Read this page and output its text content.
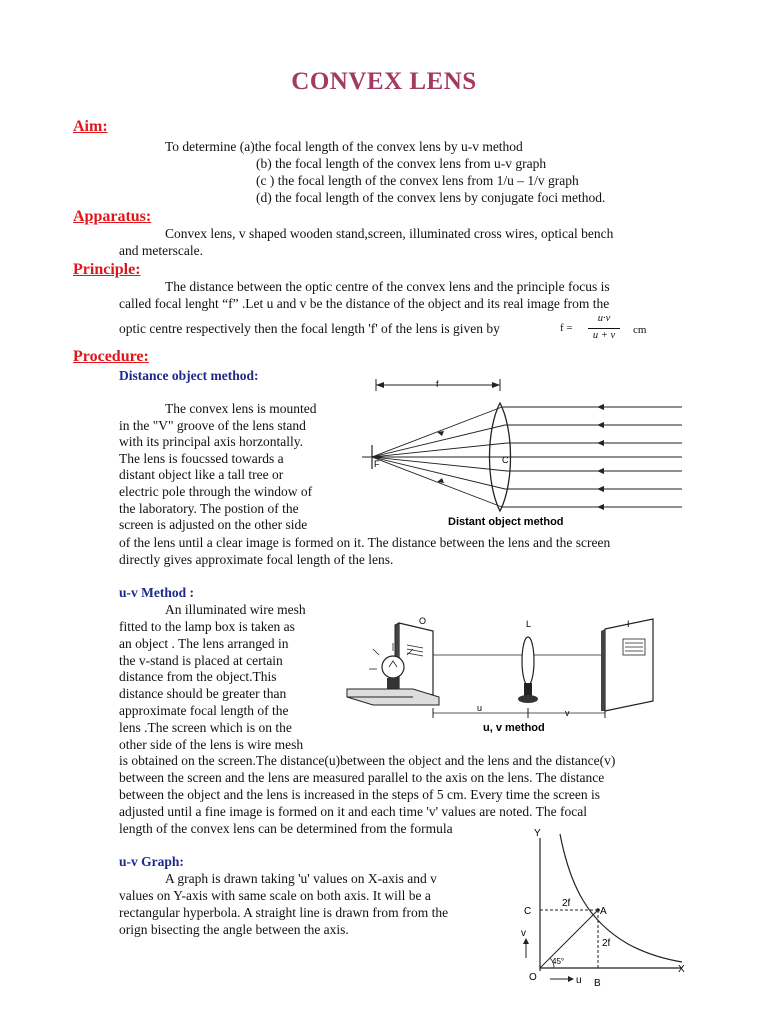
CONVEX LENS
Aim:
To determine (a)the focal length of the convex lens by u-v method
(b) the focal length of the convex lens from u-v graph
(c ) the focal length of the convex lens from 1/u – 1/v graph
(d) the focal length of the convex lens by conjugate foci method.
Apparatus:
Convex lens, v shaped wooden stand,screen, illuminated cross wires, optical bench
and meterscale.
Principle:
The distance between the optic centre of the convex lens and the principle focus is
called focal lenght “f” .Let u and v be the distance of the object and its real image from the
optic centre respectively then the focal length 'f' of the lens is given by	f =
u·v
u + v	cm
Procedure:
Distance object method:
The convex lens is mounted
in the "V" groove of the lens stand
with its principal axis horzontally.
The lens is foucssed towards a
distant object like a tall tree or
electric pole through the window of
the laboratory. The postion of the
screen is adjusted on the other side
of the lens until a clear image is formed on it. The distance between the lens and the screen
directly gives approximate focal length of the lens.
f
F	C
Distant object method
u-v Method :
An illuminated wire mesh
fitted to the lamp box is taken as
an object . The lens arranged in
the v-stand is placed at certain
distance from the object.This
distance should be greater than
approximate focal length of the
lens .The screen which is on the
other side of the lens is wire mesh
is obtained on the screen.The distance(u)between the object and the lens and the distance(v)
between the screen and the lens are measured parallel to the axis on the lens. The distance
between the object and the lens is increased in the steps of 5 cm. Every time the screen is
adjusted until a fine image is formed on it and each time 'v' values are noted. The focal
length of the convex lens can be determined from the formula
O	L	I
u	v
u, v method
u-v Graph:
A graph is drawn taking 'u' values on X-axis and v
values on Y-axis with same scale on both axis. It will be a
rectangular hyperbola. A straight line is drawn from from the
orign bisecting the angle between the axis.
Y
X
O
C	A
B
2f
2f
45°
v
u
